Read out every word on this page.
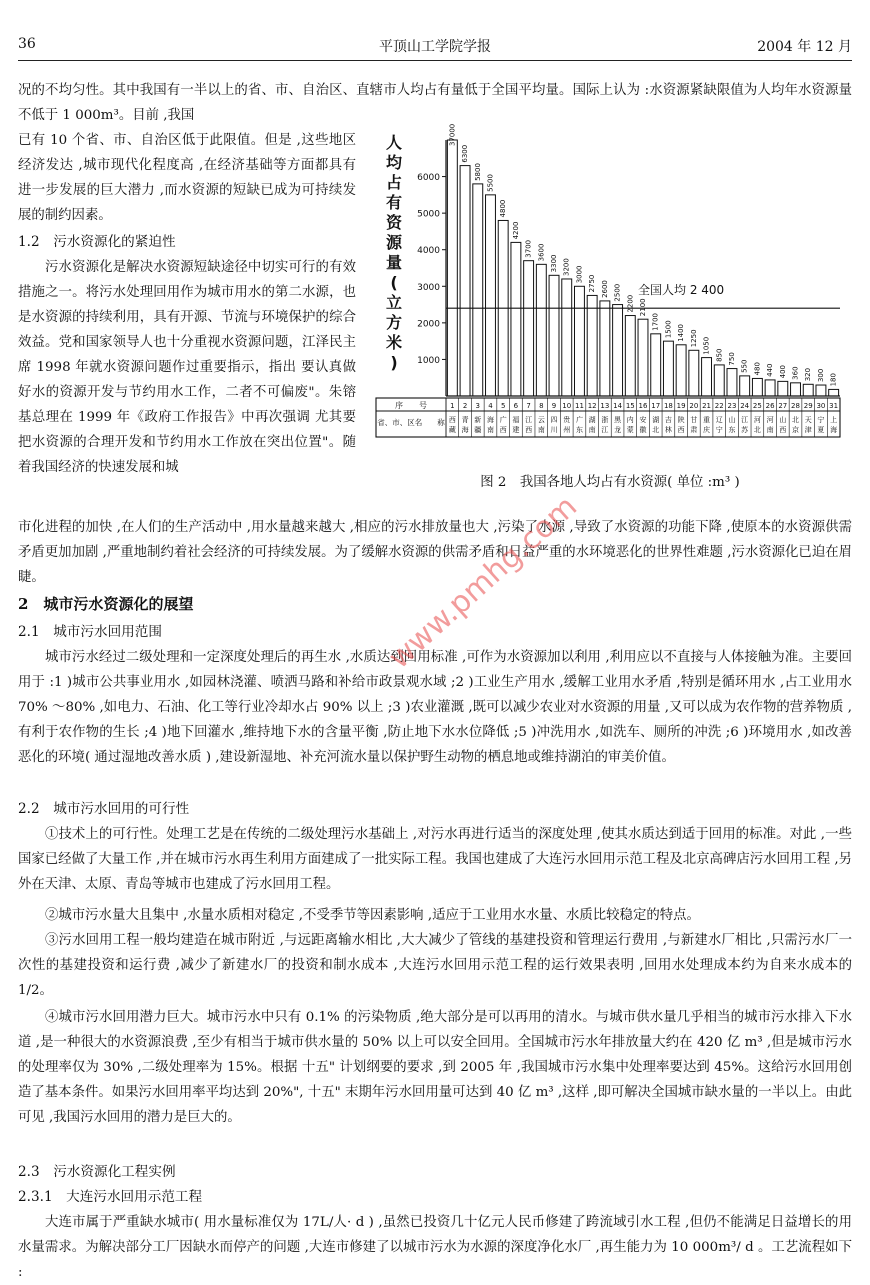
36	平顶山工学院学报	2004 年 12 月

况的不均匀性。其中我国有一半以上的省、市、自治区、直辖市人均占有量低于全国平均量。国际上认为 :水资源紧缺限值为人均年水资源量不低于 1 000m³。目前 ,我国

已有 10 个省、市、自治区低于此限值。但是 ,这些地区经济发达 ,城市现代化程度高 ,在经济基础等方面都具有进一步发展的巨大潜力 ,而水资源的短缺已成为可持续发展的制约因素。

1.2　污水资源化的紧迫性

污水资源化是解决水资源短缺途径中切实可行的有效措施之一。将污水处理回用作为城市用水的第二水源，也是水资源的持续利用，具有开源、节流与环境保护的综合效益。党和国家领导人也十分重视水资源问题，江泽民主席 1998 年就水资源问题作过重要指示，指出 要认真做好水的资源开发与节约用水工作，二者不可偏废"。朱镕基总理在 1999 年《政府工作报告》中再次强调 尤其要把水资源的合理开发和节约用水工作放在突出位置"。随着我国经济的快速发展和城

市化进程的加快 ,在人们的生产活动中 ,用水量越来越大 ,相应的污水排放量也大 ,污染了水源 ,导致了水资源的功能下降 ,使原本的水资源供需矛盾更加加剧 ,严重地制约着社会经济的可持续发展。为了缓解水资源的供需矛盾和日益严重的水环境恶化的世界性难题 ,污水资源化已迫在眉睫。

2　城市污水资源化的展望

2.1　城市污水回用范围

城市污水经过二级处理和一定深度处理后的再生水 ,水质达到回用标准 ,可作为水资源加以利用 ,利用应以不直接与人体接触为准。主要回用于 :1 )城市公共事业用水 ,如园林浇灌、喷洒马路和补给市政景观水域 ;2 )工业生产用水 ,缓解工业用水矛盾 ,特别是循环用水 ,占工业用水 70% ～80% ,如电力、石油、化工等行业冷却水占 90% 以上 ;3 )农业灌溉 ,既可以减少农业对水资源的用量 ,又可以成为农作物的营养物质 ,有利于农作物的生长 ;4 )地下回灌水 ,维持地下水的含量平衡 ,防止地下水水位降低 ;5 )冲洗用水 ,如洗车、厕所的冲洗 ;6 )环境用水 ,如改善恶化的环境( 通过湿地改善水质 ) ,建设新湿地、补充河流水量以保护野生动物的栖息地或维持湖泊的审美价值。

2.2　城市污水回用的可行性

①技术上的可行性。处理工艺是在传统的二级处理污水基础上 ,对污水再进行适当的深度处理 ,使其水质达到适于回用的标准。对此 ,一些国家已经做了大量工作 ,并在城市污水再生利用方面建成了一批实际工程。我国也建成了大连污水回用示范工程及北京高碑店污水回用工程 ,另外在天津、太原、青岛等城市也建成了污水回用工程。

②城市污水量大且集中 ,水量水质相对稳定 ,不受季节等因素影响 ,适应于工业用水水量、水质比较稳定的特点。

③污水回用工程一般均建造在城市附近 ,与远距离输水相比 ,大大减少了管线的基建投资和管理运行费用 ,与新建水厂相比 ,只需污水厂一次性的基建投资和运行费 ,减少了新建水厂的投资和制水成本 ,大连污水回用示范工程的运行效果表明 ,回用水处理成本约为自来水成本的 1/2。

④城市污水回用潜力巨大。城市污水中只有 0.1% 的污染物质 ,绝大部分是可以再用的清水。与城市供水量几乎相当的城市污水排入下水道 ,是一种很大的水资源浪费 ,至少有相当于城市供水量的 50% 以上可以安全回用。全国城市污水年排放量大约在 420 亿 m³ ,但是城市污水的处理率仅为 30% ,二级处理率为 15%。根据 十五" 计划纲要的要求 ,到 2005 年 ,我国城市污水集中处理率要达到 45%。这给污水回用创造了基本条件。如果污水回用率平均达到 20%", 十五" 末期年污水回用量可达到 40 亿 m³ ,这样 ,即可解决全国城市缺水量的一半以上。由此可见 ,我国污水回用的潜力是巨大的。

2.3　污水资源化工程实例

2.3.1　大连污水回用示范工程

大连市属于严重缺水城市( 用水量标准仅为 17L/人· d ) ,虽然已投资几十亿元人民币修建了跨流域引水工程 ,但仍不能满足日益增长的用水量需求。为解决部分工厂因缺水而停产的问题 ,大连市修建了以城市污水为水源的深度净化水厂 ,再生能力为 10 000m³/ d 。工艺流程如下 :

人
均
占
有
资
源
量
(
立
方
米
) 1000
2000
3000
4000
5000
6000
37000
6300
5800
5500
4800
4200
3700 3600
3300 3200 3000
2750 2600 2500
2200 2100
1700 1500 1400 1250 1050
850 750
550 480 440 400 360 320 300 180
全国人均 2 400
序　　号
省、市、区名　　称
1
西
藏
2
青
海
3
新
疆
4
海
南
5
广
西
6
福
建
7
江
西
8
云
南
9
四
川
10
贵
州
11
广
东
12
湖
南
13
浙
江
14
黑
龙
15
内
蒙
16
安
徽
17
湖
北
18
吉
林
19
陕
西
20
甘
肃
21
重
庆
22
辽
宁
23
山
东
24
江
苏
25
河
北
26
河
南
27
山
西
28
北
京
29
天
津
30
宁
夏
31
上
海

图 2　我国各地人均占有水资源( 单位 :m³ )

www.pmhg.com
